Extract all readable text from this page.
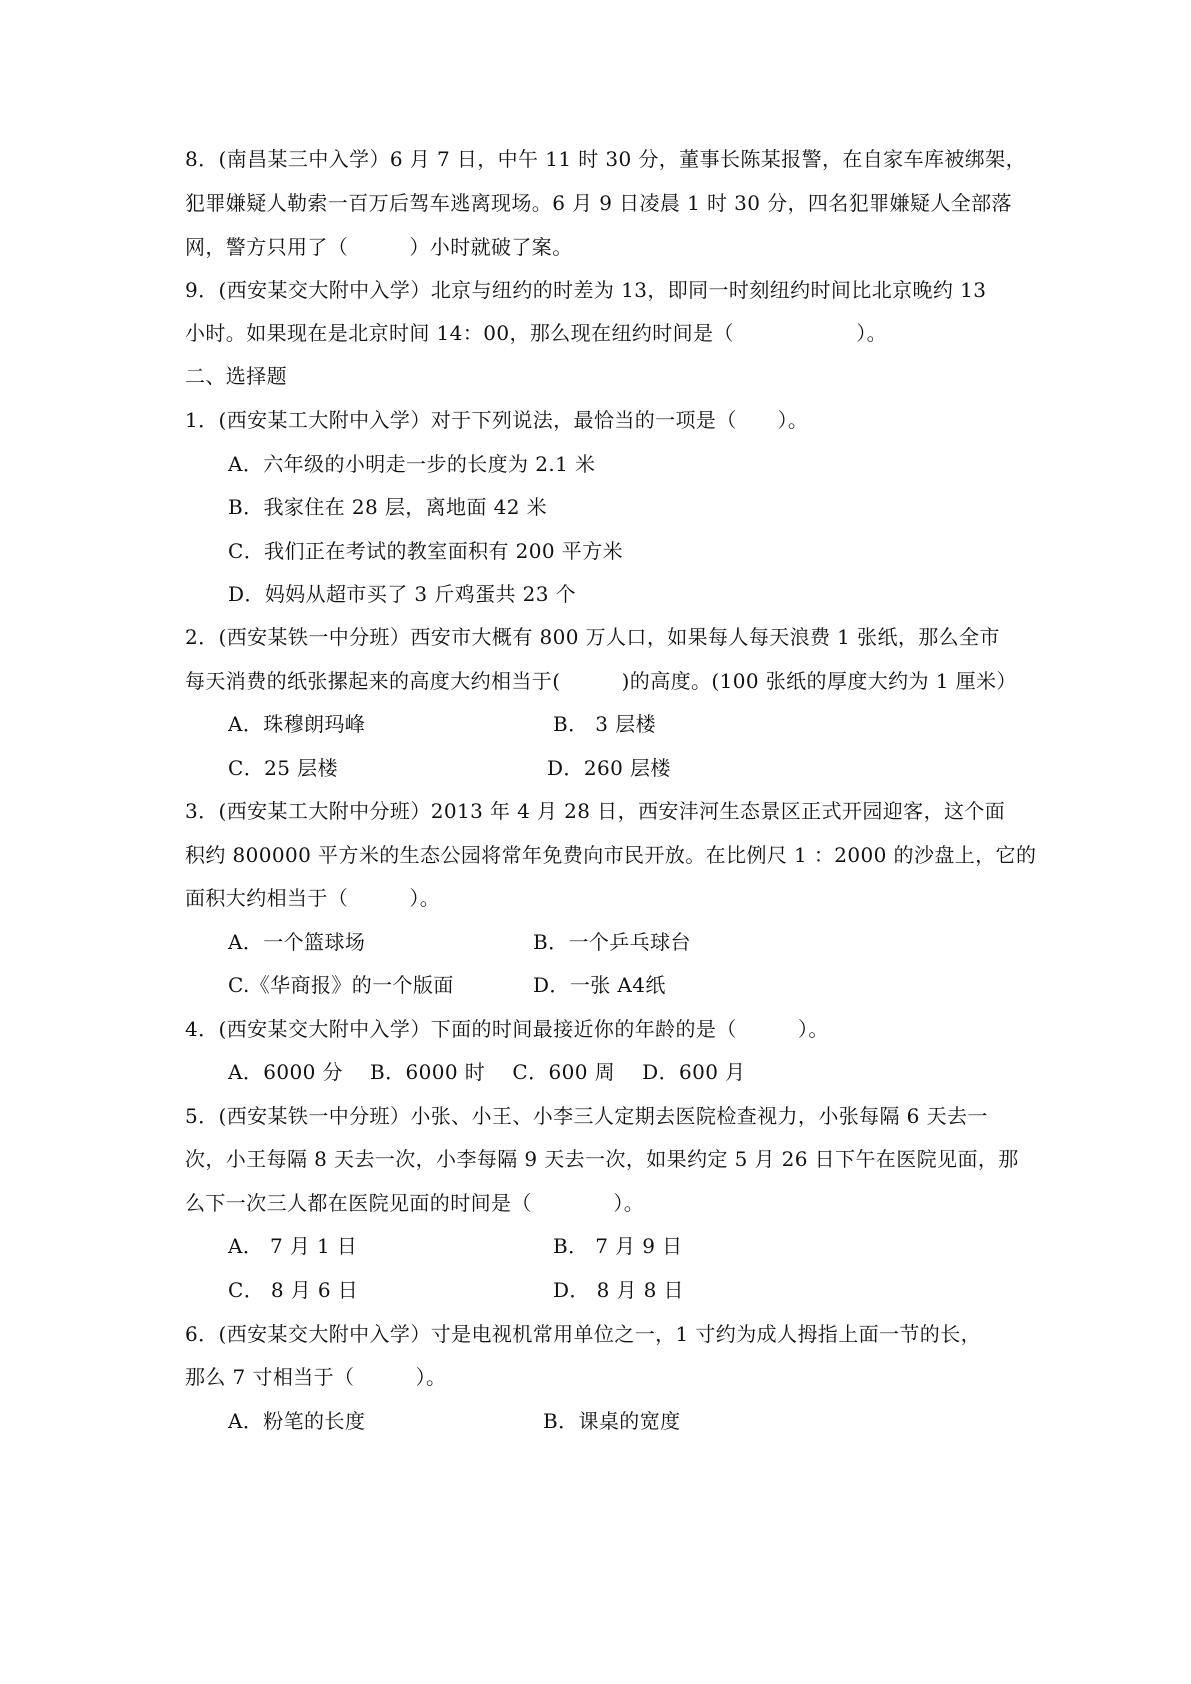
8．(南昌某三中入学）6 月 7 日，中午 11 时 30 分，董事长陈某报警，在自家车库被绑架，
犯罪嫌疑人勒索一百万后驾车逃离现场。6 月 9 日凌晨 1 时 30 分，四名犯罪嫌疑人全部落
网，警方只用了（　　　）小时就破了案。
9．(西安某交大附中入学）北京与纽约的时差为 13，即同一时刻纽约时间比北京晚约 13
小时。如果现在是北京时间 14：00，那么现在纽约时间是（　　　　　　）。
二、选择题
1．(西安某工大附中入学）对于下列说法，最恰当的一项是（　　）。
A．六年级的小明走一步的长度为 2.1 米
B．我家住在 28 层，离地面 42 米
C．我们正在考试的教室面积有 200 平方米
D．妈妈从超市买了 3 斤鸡蛋共 23 个
2．(西安某铁一中分班）西安市大概有 800 万人口，如果每人每天浪费 1 张纸，那么全市
每天消费的纸张摞起来的高度大约相当于(　　　)的高度。(100 张纸的厚度大约为 1 厘米）
A．珠穆朗玛峰	B． 3 层楼
C．25 层楼	D．260 层楼
3．(西安某工大附中分班）2013 年 4 月 28 日，西安沣河生态景区正式开园迎客，这个面
积约 800000 平方米的生态公园将常年免费向市民开放。在比例尺 1 ：2000 的沙盘上，它的
面积大约相当于（　　　）。
A．一个篮球场	B．一个乒乓球台
C.《华商报》的一个版面	D．一张 A4纸
4．(西安某交大附中入学）下面的时间最接近你的年龄的是（　　　）。
A．6000 分　 B．6000 时　 C．600 周　 D．600 月
5．(西安某铁一中分班）小张、小王、小李三人定期去医院检查视力，小张每隔 6 天去一
次，小王每隔 8 天去一次，小李每隔 9 天去一次，如果约定 5 月 26 日下午在医院见面，那
么下一次三人都在医院见面的时间是（　　　　）。
A． 7 月 1 日	B． 7 月 9 日
C． 8 月 6 日	D． 8 月 8 日
6．(西安某交大附中入学）寸是电视机常用单位之一，1 寸约为成人拇指上面一节的长，
那么 7 寸相当于（　　　）。
A．粉笔的长度	B．课桌的宽度
